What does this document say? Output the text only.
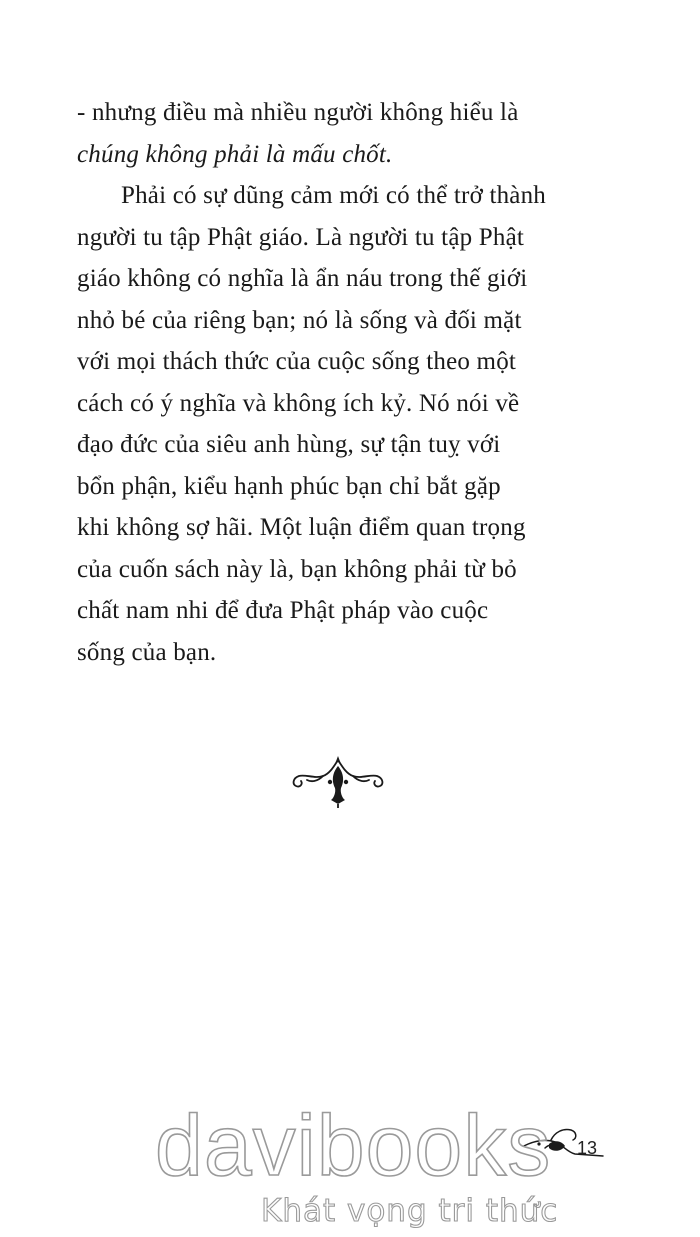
- nhưng điều mà nhiều người không hiểu là
chúng không phải là mấu chốt.
Phải có sự dũng cảm mới có thể trở thành
người tu tập Phật giáo. Là người tu tập Phật
giáo không có nghĩa là ẩn náu trong thế giới
nhỏ bé của riêng bạn; nó là sống và đối mặt
với mọi thách thức của cuộc sống theo một
cách có ý nghĩa và không ích kỷ. Nó nói về
đạo đức của siêu anh hùng, sự tận tuỵ với
bổn phận, kiểu hạnh phúc bạn chỉ bắt gặp
khi không sợ hãi. Một luận điểm quan trọng
của cuốn sách này là, bạn không phải từ bỏ
chất nam nhi để đưa Phật pháp vào cuộc
sống của bạn.
13
davibooks
Khát vọng tri thức
